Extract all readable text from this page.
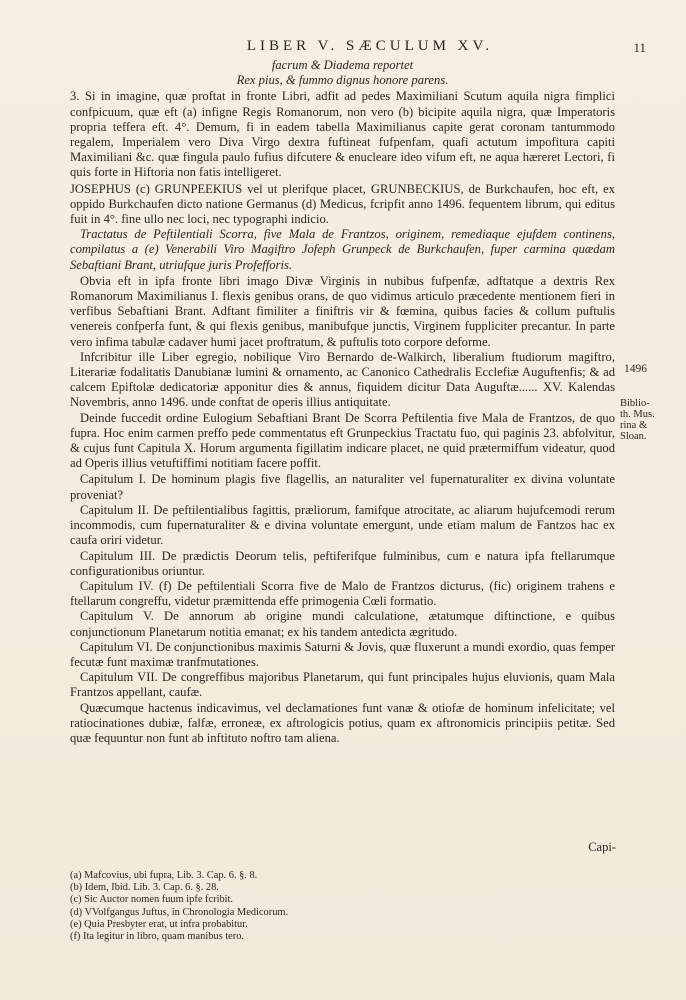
LIBER V. SÆCULUM XV.	11
1496
Biblio-
th. Mus.
rina &
Sloan.

facrum & Diadema reportet

Rex pius, & fummo dignus honore parens.

3. Si in imagine, quæ proftat in fronte Libri, adfit ad pedes Maximiliani Scutum aquila nigra fimplici confpicuum, quæ eft (a) infigne Regis Romanorum, non vero (b) bicipite aquila nigra, quæ Imperatoris propria teffera eft. 4°. Demum, fi in eadem tabella Maximilianus capite gerat coronam tantummodo regalem, Imperialem vero Diva Virgo dextra fuftineat fufpenfam, quafi actutum impofitura capiti Maximiliani &c. quæ fingula paulo fufius difcutere & enucleare ideo vifum eft, ne aqua hæreret Lectori, fi quis forte in Hiftoria non fatis intelligeret.

JOSEPHUS (c) GRUNPEEKIUS vel ut plerifque placet, GRUNBECKIUS, de Burkchaufen, hoc eft, ex oppido Burkchaufen dicto natione Germanus (d) Medicus, fcripfit anno 1496. fequentem librum, qui editus fuit in 4°. fine ullo nec loci, nec typographi indicio.

Tractatus de Peftilentiali Scorra, five Mala de Frantzos, originem, remediaque ejufdem continens, compilatus a (e) Venerabili Viro Magiftro Jofeph Grunpeck de Burkchaufen, fuper carmina quædam Sebaftiani Brant, utriufque juris Profefforis.

Obvia eft in ipfa fronte libri imago Divæ Virginis in nubibus fufpenfæ, adftatque a dextris Rex Romanorum Maximilianus I. flexis genibus orans, de quo vidimus articulo præcedente mentionem fieri in verfibus Sebaftiani Brant. Adftant fimiliter a finiftris vir & fœmina, quibus facies & collum puftulis venereis confperfa funt, & qui flexis genibus, manibufque junctis, Virginem fuppliciter precantur. In parte vero infima tabulæ cadaver humi jacet proftratum, & puftulis toto corpore deforme.

Infcribitur ille Liber egregio, nobilique Viro Bernardo de-Walkirch, liberalium ftudiorum magiftro, Literariæ fodalitatis Danubianæ lumini & ornamento, ac Canonico Cathedralis Ecclefiæ Auguftenfis; & ad calcem Epiftolæ dedicatoriæ apponitur dies & annus, fiquidem dicitur Data Auguftæ...... XV. Kalendas Novembris, anno 1496. unde conftat de operis illius antiquitate.

Deinde fuccedit ordine Eulogium Sebaftiani Brant De Scorra Peftilentia five Mala de Frantzos, de quo fupra. Hoc enim carmen preffo pede commentatus eft Grunpeckius Tractatu fuo, qui paginis 23. abfolvitur, & cujus funt Capitula X. Horum argumenta figillatim indicare placet, ne quid prætermiffum videatur, quod ad Operis illius vetuftiffimi notitiam facere poffit.

Capitulum I. De hominum plagis five flagellis, an naturaliter vel fupernaturaliter ex divina voluntate proveniat?

Capitulum II. De peftilentialibus fagittis, præliorum, famifque atrocitate, ac aliarum hujufcemodi rerum incommodis, cum fupernaturaliter & e divina voluntate emergunt, unde etiam malum de Fantzos hac ex caufa oriri videtur.

Capitulum III. De prædictis Deorum telis, peftiferifque fulminibus, cum e natura ipfa ftellarumque configurationibus oriuntur.

Capitulum IV. (f) De peftilentiali Scorra five de Malo de Frantzos dicturus, (fic) originem trahens e ftellarum congreffu, videtur præmittenda effe primogenia Cœli formatio.

Capitulum V. De annorum ab origine mundi calculatione, ætatumque diftinctione, e quibus conjunctionum Planetarum notitia emanat; ex his tandem antedicta ægritudo.

Capitulum VI. De conjunctionibus maximis Saturni & Jovis, quæ fluxerunt a mundi exordio, quas femper fecutæ funt maximæ tranfmutationes.

Capitulum VII. De congreffibus majoribus Planetarum, qui funt principales hujus eluvionis, quam Mala Frantzos appellant, caufæ.

Quæcumque hactenus indicavimus, vel declamationes funt vanæ & otiofæ de hominum infelicitate; vel ratiocinationes dubiæ, falfæ, erroneæ, ex aftrologicis potius, quam ex aftronomicis principiis petitæ. Sed quæ fequuntur non funt ab inftituto noftro tam aliena.

Capi-

(a) Mafcovius, ubi fupra, Lib. 3. Cap. 6. §. 8.

(b) Idem, Ibid. Lib. 3. Cap. 6. §. 28.

(c) Sic Auctor nomen fuum ipfe fcribit.

(d) VVolfgangus Juftus, in Chronologia Medicorum.

(e) Quia Presbyter erat, ut infra probabitur.

(f) Ita legitur in libro, quam manibus tero.
